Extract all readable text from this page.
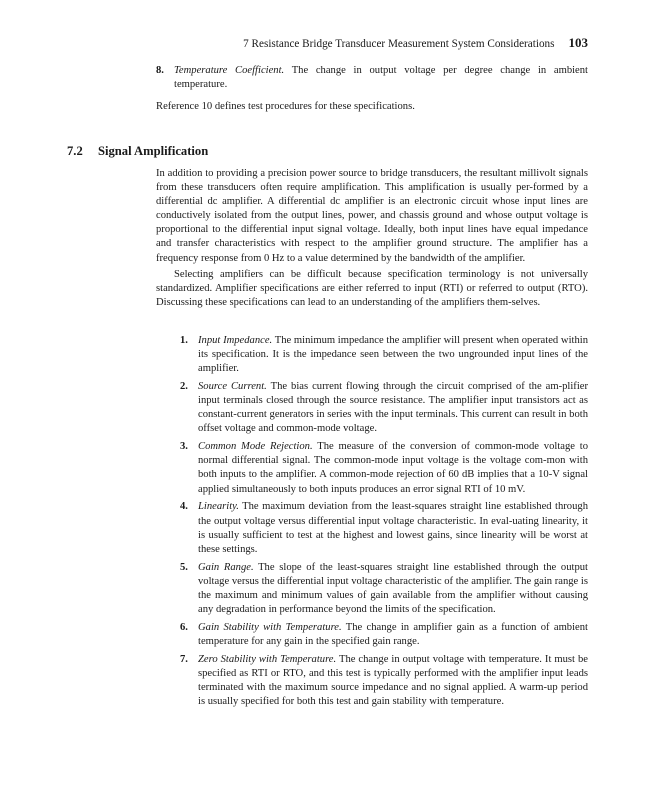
7 Resistance Bridge Transducer Measurement System Considerations 103
8. Temperature Coefficient. The change in output voltage per degree change in ambient temperature.
Reference 10 defines test procedures for these specifications.
7.2 Signal Amplification

In addition to providing a precision power source to bridge transducers, the resultant millivolt signals from these transducers often require amplification. This amplification is usually per-formed by a differential dc amplifier. A differential dc amplifier is an electronic circuit whose input lines are conductively isolated from the output lines, power, and chassis ground and whose output voltage is proportional to the differential input signal voltage. Ideally, both input lines have equal impedance and transfer characteristics with respect to the amplifier ground structure. The amplifier has a frequency response from 0 Hz to a value determined by the bandwidth of the amplifier.

Selecting amplifiers can be difficult because specification terminology is not universally standardized. Amplifier specifications are either referred to input (RTI) or referred to output (RTO). Discussing these specifications can lead to an understanding of the amplifiers them-selves.

1. Input Impedance. The minimum impedance the amplifier will present when operated within its specification. It is the impedance seen between the two ungrounded input lines of the amplifier.
2. Source Current. The bias current flowing through the circuit comprised of the am-plifier input terminals closed through the source resistance. The amplifier input transistors act as constant-current generators in series with the input terminals. This current can result in both offset voltage and common-mode voltage.
3. Common Mode Rejection. The measure of the conversion of common-mode voltage to normal differential signal. The common-mode input voltage is the voltage com-mon with both inputs to the amplifier. A common-mode rejection of 60 dB implies that a 10-V signal applied simultaneously to both inputs produces an error signal RTI of 10 mV.
4. Linearity. The maximum deviation from the least-squares straight line established through the output voltage versus differential input voltage characteristic. In eval-uating linearity, it is usually sufficient to test at the highest and lowest gains, since linearity will be worst at these settings.
5. Gain Range. The slope of the least-squares straight line established through the output voltage versus the differential input voltage characteristic of the amplifier. The gain range is the maximum and minimum values of gain available from the amplifier without causing any degradation in performance beyond the limits of the specification.
6. Gain Stability with Temperature. The change in amplifier gain as a function of ambient temperature for any gain in the specified gain range.
7. Zero Stability with Temperature. The change in output voltage with temperature. It must be specified as RTI or RTO, and this test is typically performed with the amplifier input leads terminated with the maximum source impedance and no signal applied. A warm-up period is usually specified for both this test and gain stability with temperature.
